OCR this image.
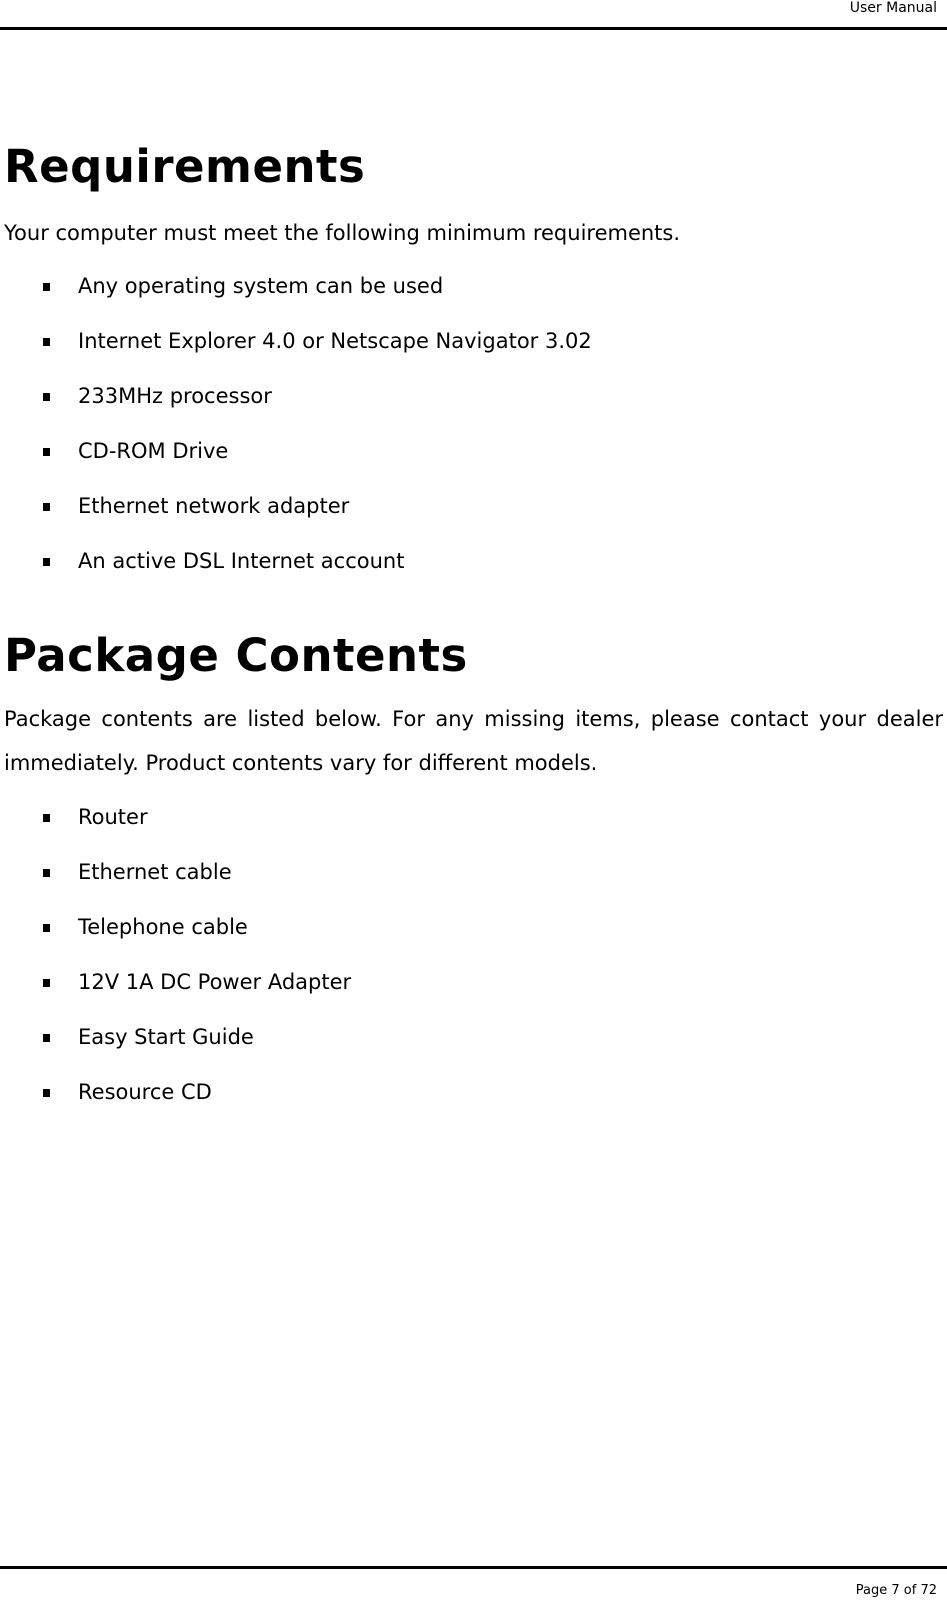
User Manual
Requirements

Your computer must meet the following minimum requirements.

Any operating system can be used
Internet Explorer 4.0 or Netscape Navigator 3.02
233MHz processor
CD-ROM Drive
Ethernet network adapter
An active DSL Internet account
Package Contents

Package contents are listed below. For any missing items, please contact your dealer immediately. Product contents vary for different models.

Router
Ethernet cable
Telephone cable
12V 1A DC Power Adapter
Easy Start Guide
Resource CD
Page 7 of 72
